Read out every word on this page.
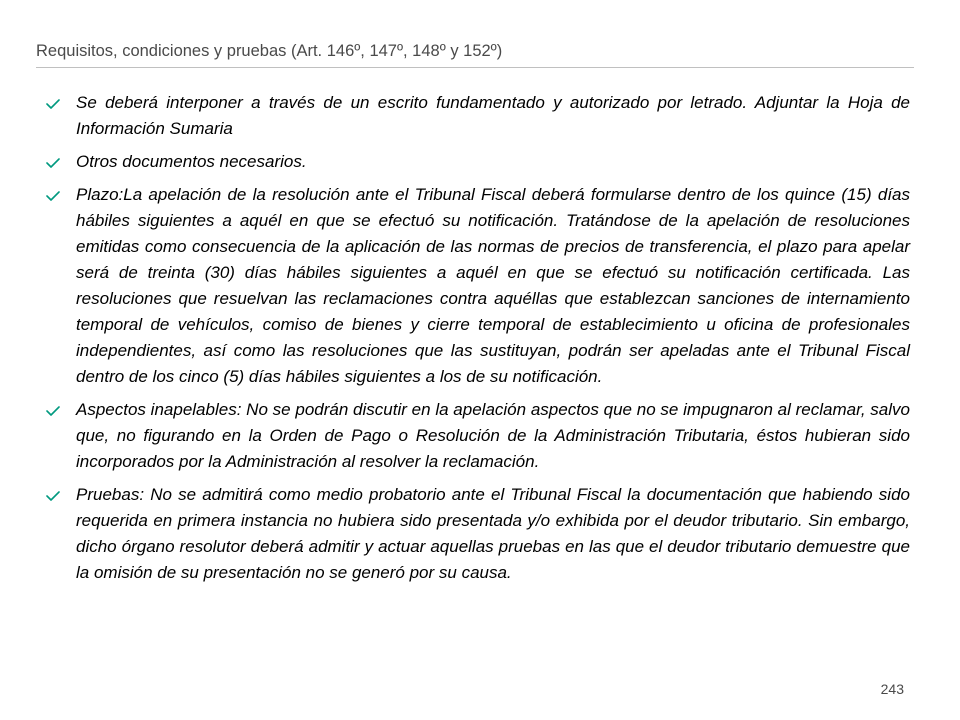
Requisitos, condiciones y pruebas (Art. 146º, 147º, 148º y 152º)
Se deberá interponer a través de un escrito fundamentado y autorizado por letrado. Adjuntar la Hoja de Información Sumaria
Otros documentos necesarios.
Plazo:La apelación de la resolución ante el Tribunal Fiscal deberá formularse dentro de los quince (15) días hábiles siguientes a aquél en que se efectuó su notificación. Tratándose de la apelación de resoluciones emitidas como consecuencia de la aplicación de las normas de precios de transferencia, el plazo para apelar será de treinta (30) días hábiles siguientes a aquél en que se efectuó su notificación certificada. Las resoluciones que resuelvan las reclamaciones contra aquéllas que establezcan sanciones de internamiento temporal de vehículos, comiso de bienes y cierre temporal de establecimiento u oficina de profesionales independientes, así como las resoluciones que las sustituyan, podrán ser apeladas ante el Tribunal Fiscal dentro de los cinco (5) días hábiles siguientes a los de su notificación.
Aspectos inapelables: No se podrán discutir en la apelación aspectos que no se impugnaron al reclamar, salvo que, no figurando en la Orden de Pago o Resolución de la Administración Tributaria, éstos hubieran sido incorporados por la Administración al resolver la reclamación.
Pruebas: No se admitirá como medio probatorio ante el Tribunal Fiscal la documentación que habiendo sido requerida en primera instancia no hubiera sido presentada y/o exhibida por el deudor tributario. Sin embargo, dicho órgano resolutor deberá admitir y actuar aquellas pruebas en las que el deudor tributario demuestre que la omisión de su presentación no se generó por su causa.
243
